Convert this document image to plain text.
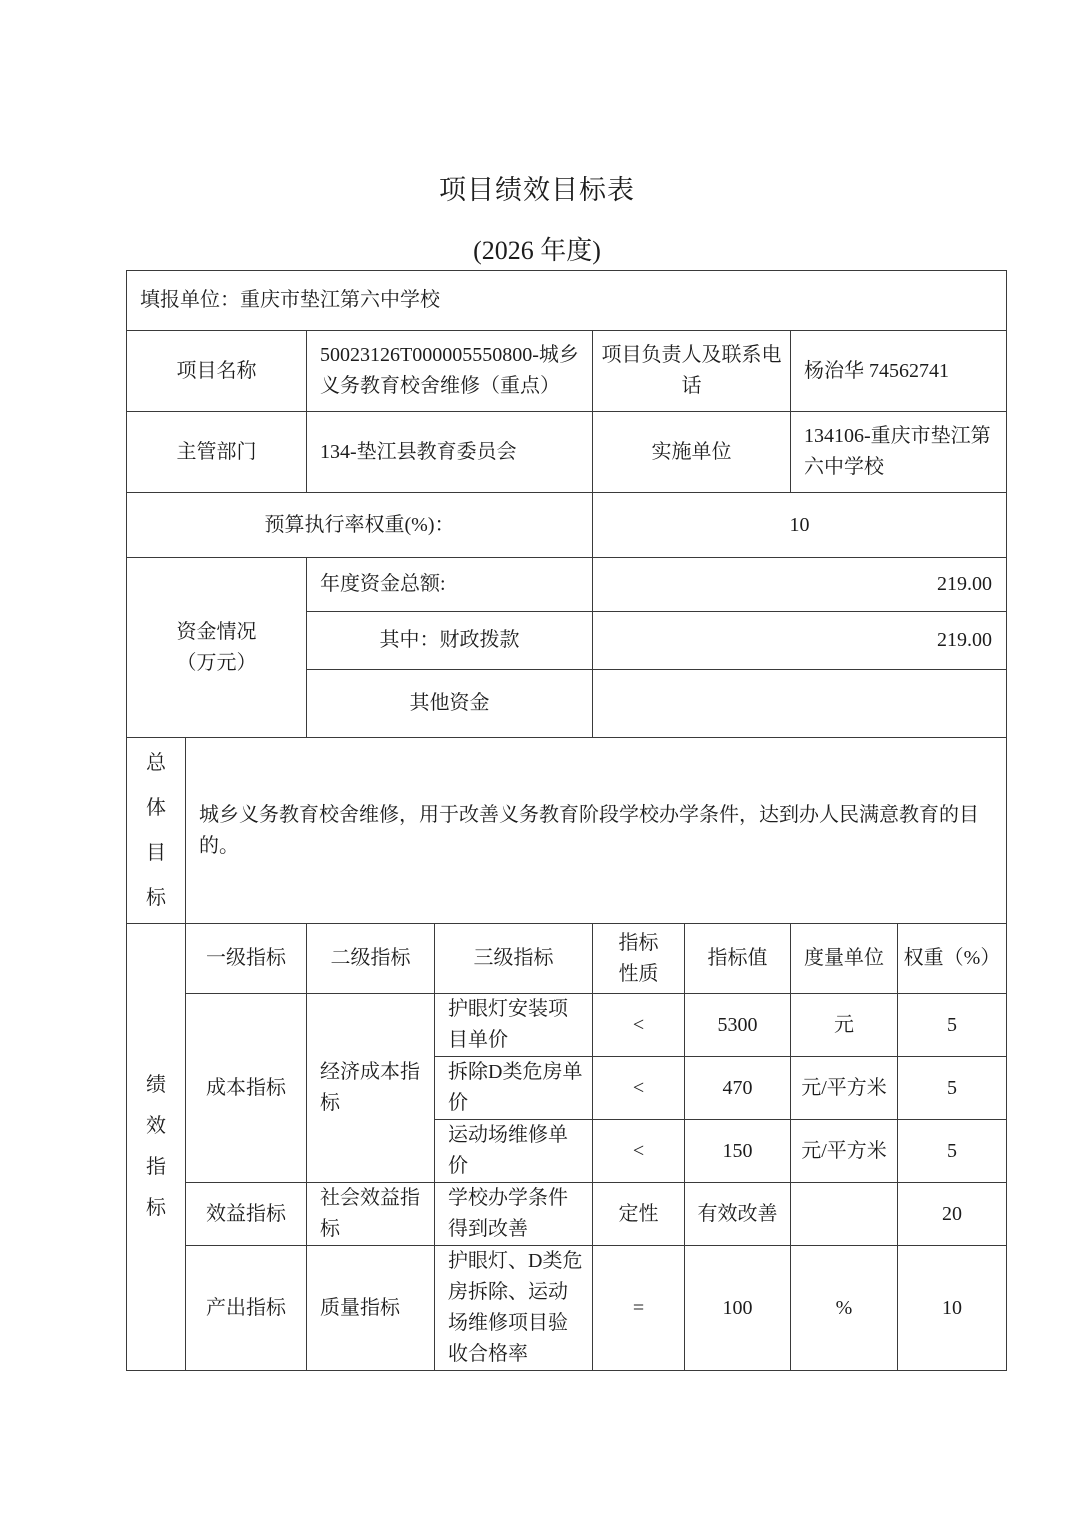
项目绩效目标表
(2026 年度)
填报单位：重庆市垫江第六中学校							
项目名称		50023126T000005550800-城乡义务教育校舍维修（重点）		项目负责人及联系电话		杨治华 74562741	
主管部门		134-垫江县教育委员会		实施单位		134106-重庆市垫江第六中学校	
预算执行率权重(%)：				10			

资金情况
（万元）		年度资金总额:		219.00			
		其中：财政拨款		219.00			
		其他资金					

总体目标	城乡义务教育校舍维修，用于改善义务教育阶段学校办学条件，达到办人民满意教育的目的。						

绩效指标	一级指标	二级指标	三级指标	指标性质	指标值	度量单位	权重（%）
	成本指标	经济成本指标	护眼灯安装项目单价	<	5300	元	5
			拆除D类危房单价	<	470	元/平方米	5
			运动场维修单价	<	150	元/平方米	5
	效益指标	社会效益指标	学校办学条件得到改善	定性	有效改善		20
	产出指标	质量指标	护眼灯、D类危房拆除、运动场维修项目验收合格率	=	100	%	10
